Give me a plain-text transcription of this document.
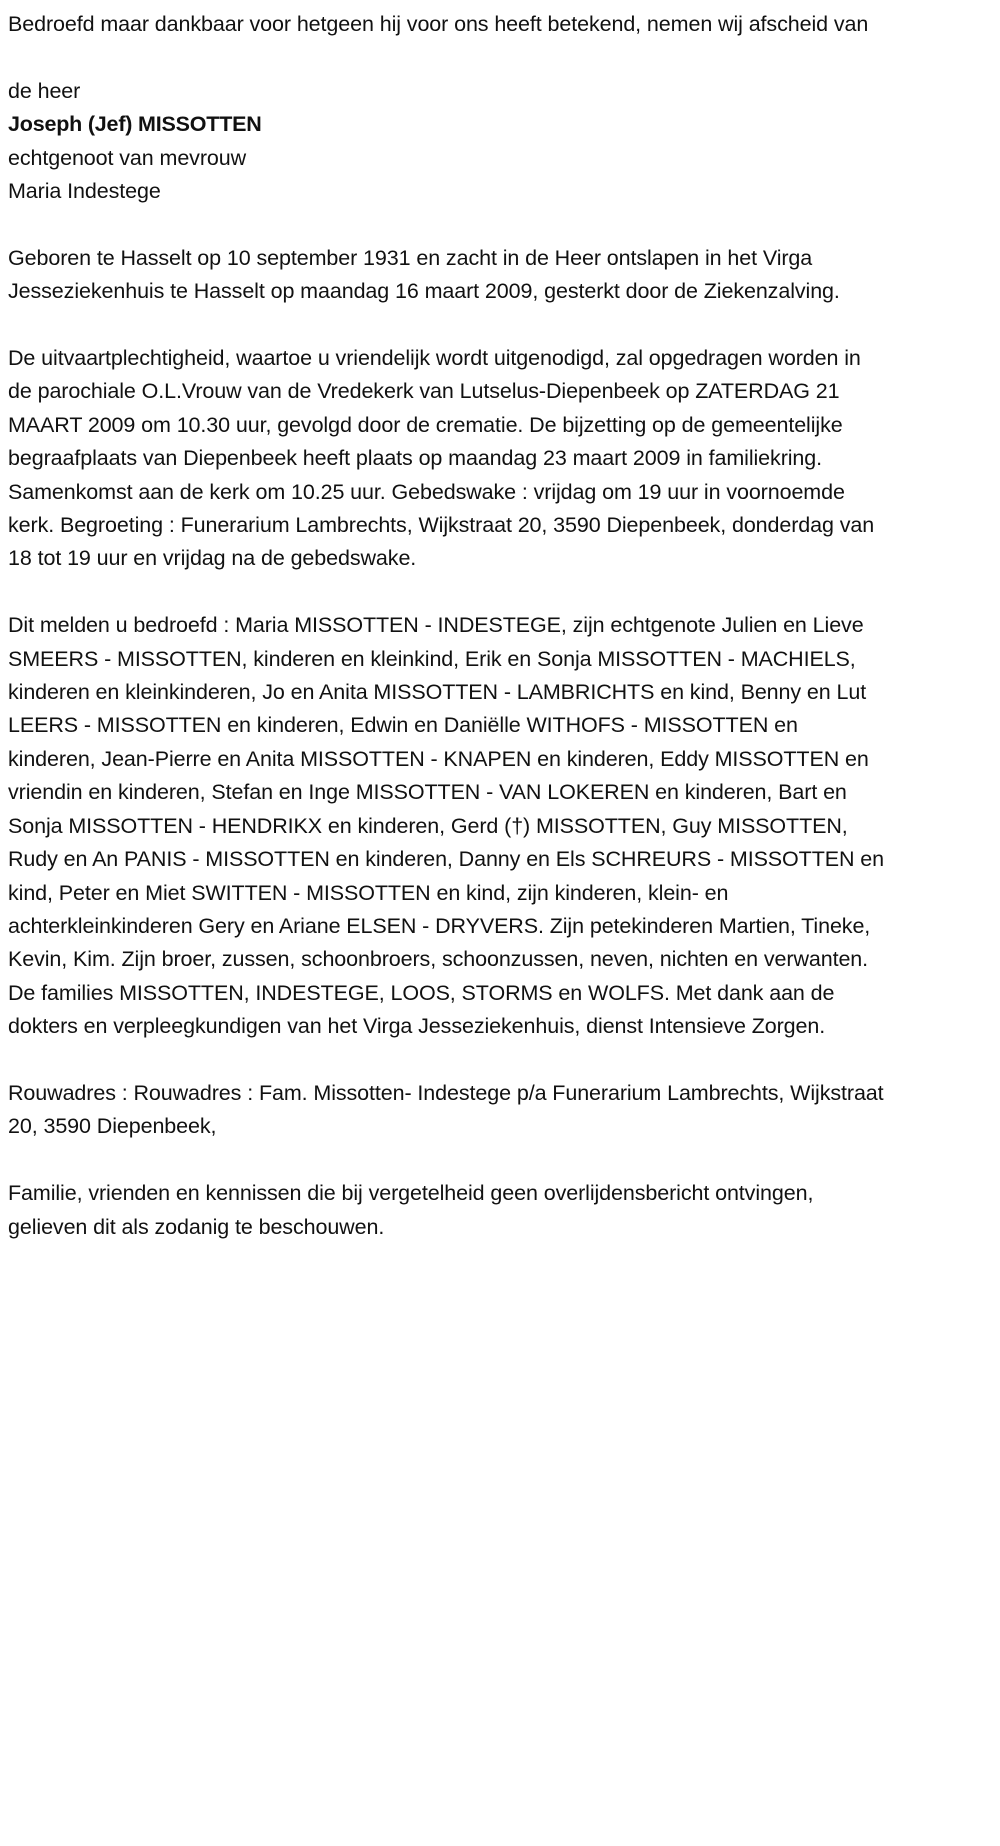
Bedroefd maar dankbaar voor hetgeen hij voor ons heeft betekend, nemen wij afscheid van

de heer

Joseph (Jef) MISSOTTEN

echtgenoot van mevrouw

Maria Indestege

Geboren te Hasselt op 10 september 1931 en zacht in de Heer ontslapen in het Virga Jesseziekenhuis te Hasselt op maandag 16 maart 2009, gesterkt door de Ziekenzalving.

De uitvaartplechtigheid, waartoe u vriendelijk wordt uitgenodigd, zal opgedragen worden in de parochiale O.L.Vrouw van de Vredekerk van Lutselus-Diepenbeek op ZATERDAG 21 MAART 2009 om 10.30 uur, gevolgd door de crematie. De bijzetting op de gemeentelijke begraafplaats van Diepenbeek heeft plaats op maandag 23 maart 2009 in familiekring. Samenkomst aan de kerk om 10.25 uur. Gebedswake : vrijdag om 19 uur in voornoemde kerk. Begroeting : Funerarium Lambrechts, Wijkstraat 20, 3590 Diepenbeek, donderdag van 18 tot 19 uur en vrijdag na de gebedswake.

Dit melden u bedroefd : Maria MISSOTTEN - INDESTEGE, zijn echtgenote Julien en Lieve SMEERS - MISSOTTEN, kinderen en kleinkind, Erik en Sonja MISSOTTEN - MACHIELS, kinderen en kleinkinderen, Jo en Anita MISSOTTEN - LAMBRICHTS en kind, Benny en Lut LEERS - MISSOTTEN en kinderen, Edwin en Daniëlle WITHOFS - MISSOTTEN en kinderen, Jean-Pierre en Anita MISSOTTEN - KNAPEN en kinderen, Eddy MISSOTTEN en vriendin en kinderen, Stefan en Inge MISSOTTEN - VAN LOKEREN en kinderen, Bart en Sonja MISSOTTEN - HENDRIKX en kinderen, Gerd (†) MISSOTTEN, Guy MISSOTTEN, Rudy en An PANIS - MISSOTTEN en kinderen, Danny en Els SCHREURS - MISSOTTEN en kind, Peter en Miet SWITTEN - MISSOTTEN en kind, zijn kinderen, klein- en achterkleinkinderen Gery en Ariane ELSEN - DRYVERS. Zijn petekinderen Martien, Tineke, Kevin, Kim. Zijn broer, zussen, schoonbroers, schoonzussen, neven, nichten en verwanten. De families MISSOTTEN, INDESTEGE, LOOS, STORMS en WOLFS. Met dank aan de dokters en verpleegkundigen van het Virga Jesseziekenhuis, dienst Intensieve Zorgen.

Rouwadres : Rouwadres : Fam. Missotten- Indestege p/a Funerarium Lambrechts, Wijkstraat 20, 3590 Diepenbeek,

Familie, vrienden en kennissen die bij vergetelheid geen overlijdensbericht ontvingen, gelieven dit als zodanig te beschouwen.
